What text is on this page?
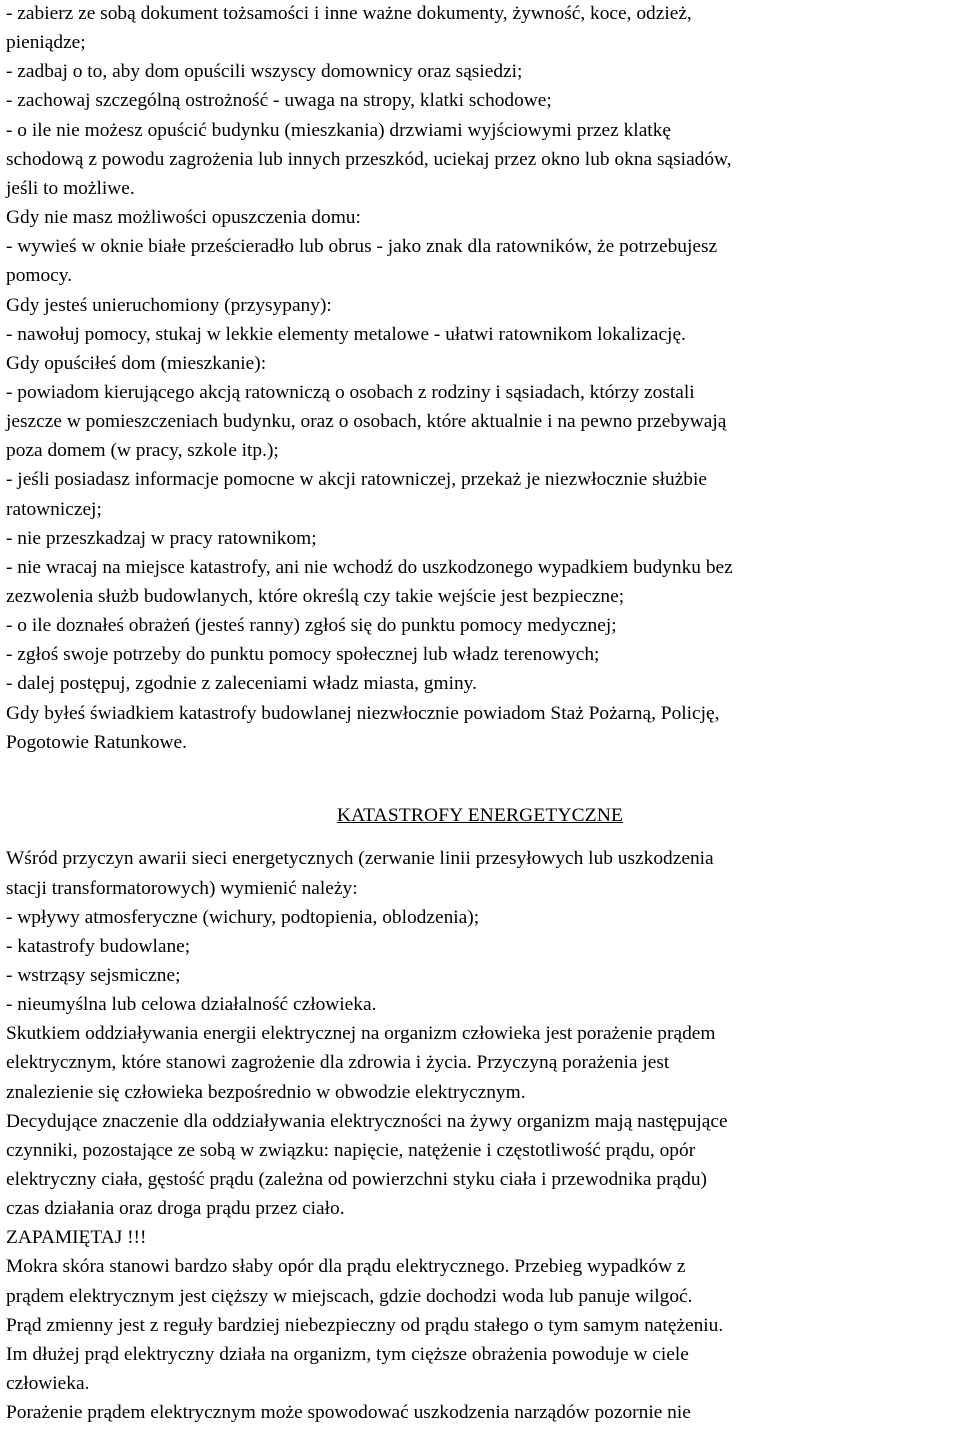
KATASTROFY ENERGETYCZNE
- zabierz ze sobą dokument tożsamości i inne ważne dokumenty, żywność, koce, odzież,
pieniądze;
- zadbaj o to, aby dom opuścili wszyscy domownicy oraz sąsiedzi;
- zachowaj szczególną ostrożność - uwaga na stropy, klatki schodowe;
- o ile nie możesz opuścić budynku (mieszkania) drzwiami wyjściowymi przez klatkę
schodową z powodu zagrożenia lub innych przeszkód, uciekaj przez okno lub okna sąsiadów,
jeśli to możliwe.
Gdy nie masz możliwości opuszczenia domu:
- wywieś w oknie białe prześcieradło lub obrus - jako znak dla ratowników, że potrzebujesz
pomocy.
Gdy jesteś unieruchomiony (przysypany):
- nawołuj pomocy, stukaj w lekkie elementy metalowe - ułatwi ratownikom lokalizację.
Gdy opuściłeś dom (mieszkanie):
- powiadom kierującego akcją ratowniczą o osobach z rodziny i sąsiadach, którzy zostali
jeszcze w pomieszczeniach budynku, oraz o osobach, które aktualnie i na pewno przebywają
poza domem (w pracy, szkole itp.);
- jeśli posiadasz informacje pomocne w akcji ratowniczej, przekaż je niezwłocznie służbie
ratowniczej;
- nie przeszkadzaj w pracy ratownikom;
- nie wracaj na miejsce katastrofy, ani nie wchodź do uszkodzonego wypadkiem budynku bez
zezwolenia służb budowlanych, które określą czy takie wejście jest bezpieczne;
- o ile doznałeś obrażeń (jesteś ranny) zgłoś się do punktu pomocy medycznej;
- zgłoś swoje potrzeby do punktu pomocy społecznej lub władz terenowych;
- dalej postępuj, zgodnie z zaleceniami władz miasta, gminy.
Gdy byłeś świadkiem katastrofy budowlanej niezwłocznie powiadom Staż Pożarną, Policję,
Pogotowie Ratunkowe.
Wśród przyczyn awarii sieci energetycznych (zerwanie linii przesyłowych lub uszkodzenia
stacji transformatorowych) wymienić należy:
- wpływy atmosferyczne (wichury, podtopienia, oblodzenia);
- katastrofy budowlane;
- wstrząsy sejsmiczne;
- nieumyślna lub celowa działalność człowieka.
Skutkiem oddziaływania energii elektrycznej na organizm człowieka jest porażenie prądem
elektrycznym, które stanowi zagrożenie dla zdrowia i życia. Przyczyną porażenia jest
znalezienie się człowieka bezpośrednio w obwodzie elektrycznym.
Decydujące znaczenie dla oddziaływania elektryczności na żywy organizm mają następujące
czynniki, pozostające ze sobą w związku: napięcie, natężenie i częstotliwość prądu, opór
elektryczny ciała, gęstość prądu (zależna od powierzchni styku ciała i przewodnika prądu)
czas działania oraz droga prądu przez ciało.
ZAPAMIĘTAJ !!!
Mokra skóra stanowi bardzo słaby opór dla prądu elektrycznego. Przebieg wypadków z
prądem elektrycznym jest cięższy w miejscach, gdzie dochodzi woda lub panuje wilgoć.
Prąd zmienny jest z reguły bardziej niebezpieczny od prądu stałego o tym samym natężeniu.
Im dłużej prąd elektryczny działa na organizm, tym cięższe obrażenia powoduje w ciele
człowieka.
Porażenie prądem elektrycznym może spowodować uszkodzenia narządów pozornie nie
